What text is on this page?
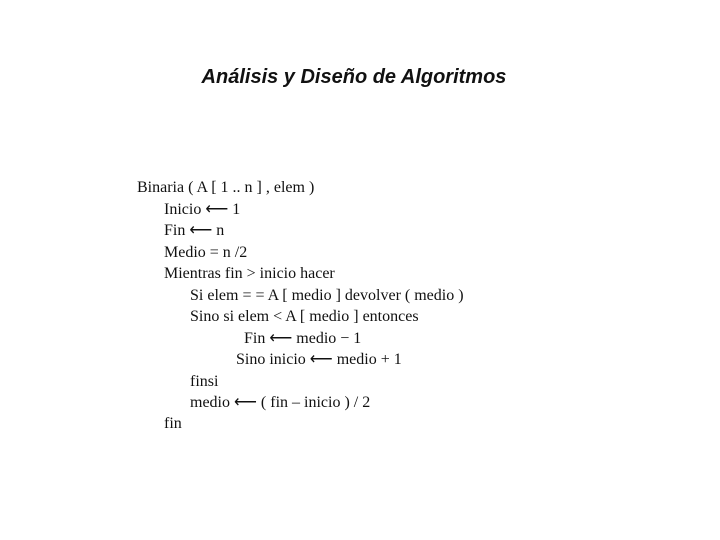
Análisis y Diseño de Algoritmos
Binaria ( A [ 1 .. n ] , elem )
Inicio ⟵ 1
Fin ⟵ n
Medio = n /2
Mientras fin > inicio hacer
Si elem = = A [ medio ] devolver ( medio )
Sino si elem < A [ medio ] entonces
Fin ⟵ medio − 1
Sino inicio ⟵ medio + 1
finsi
medio ⟵ ( fin – inicio ) / 2
fin
